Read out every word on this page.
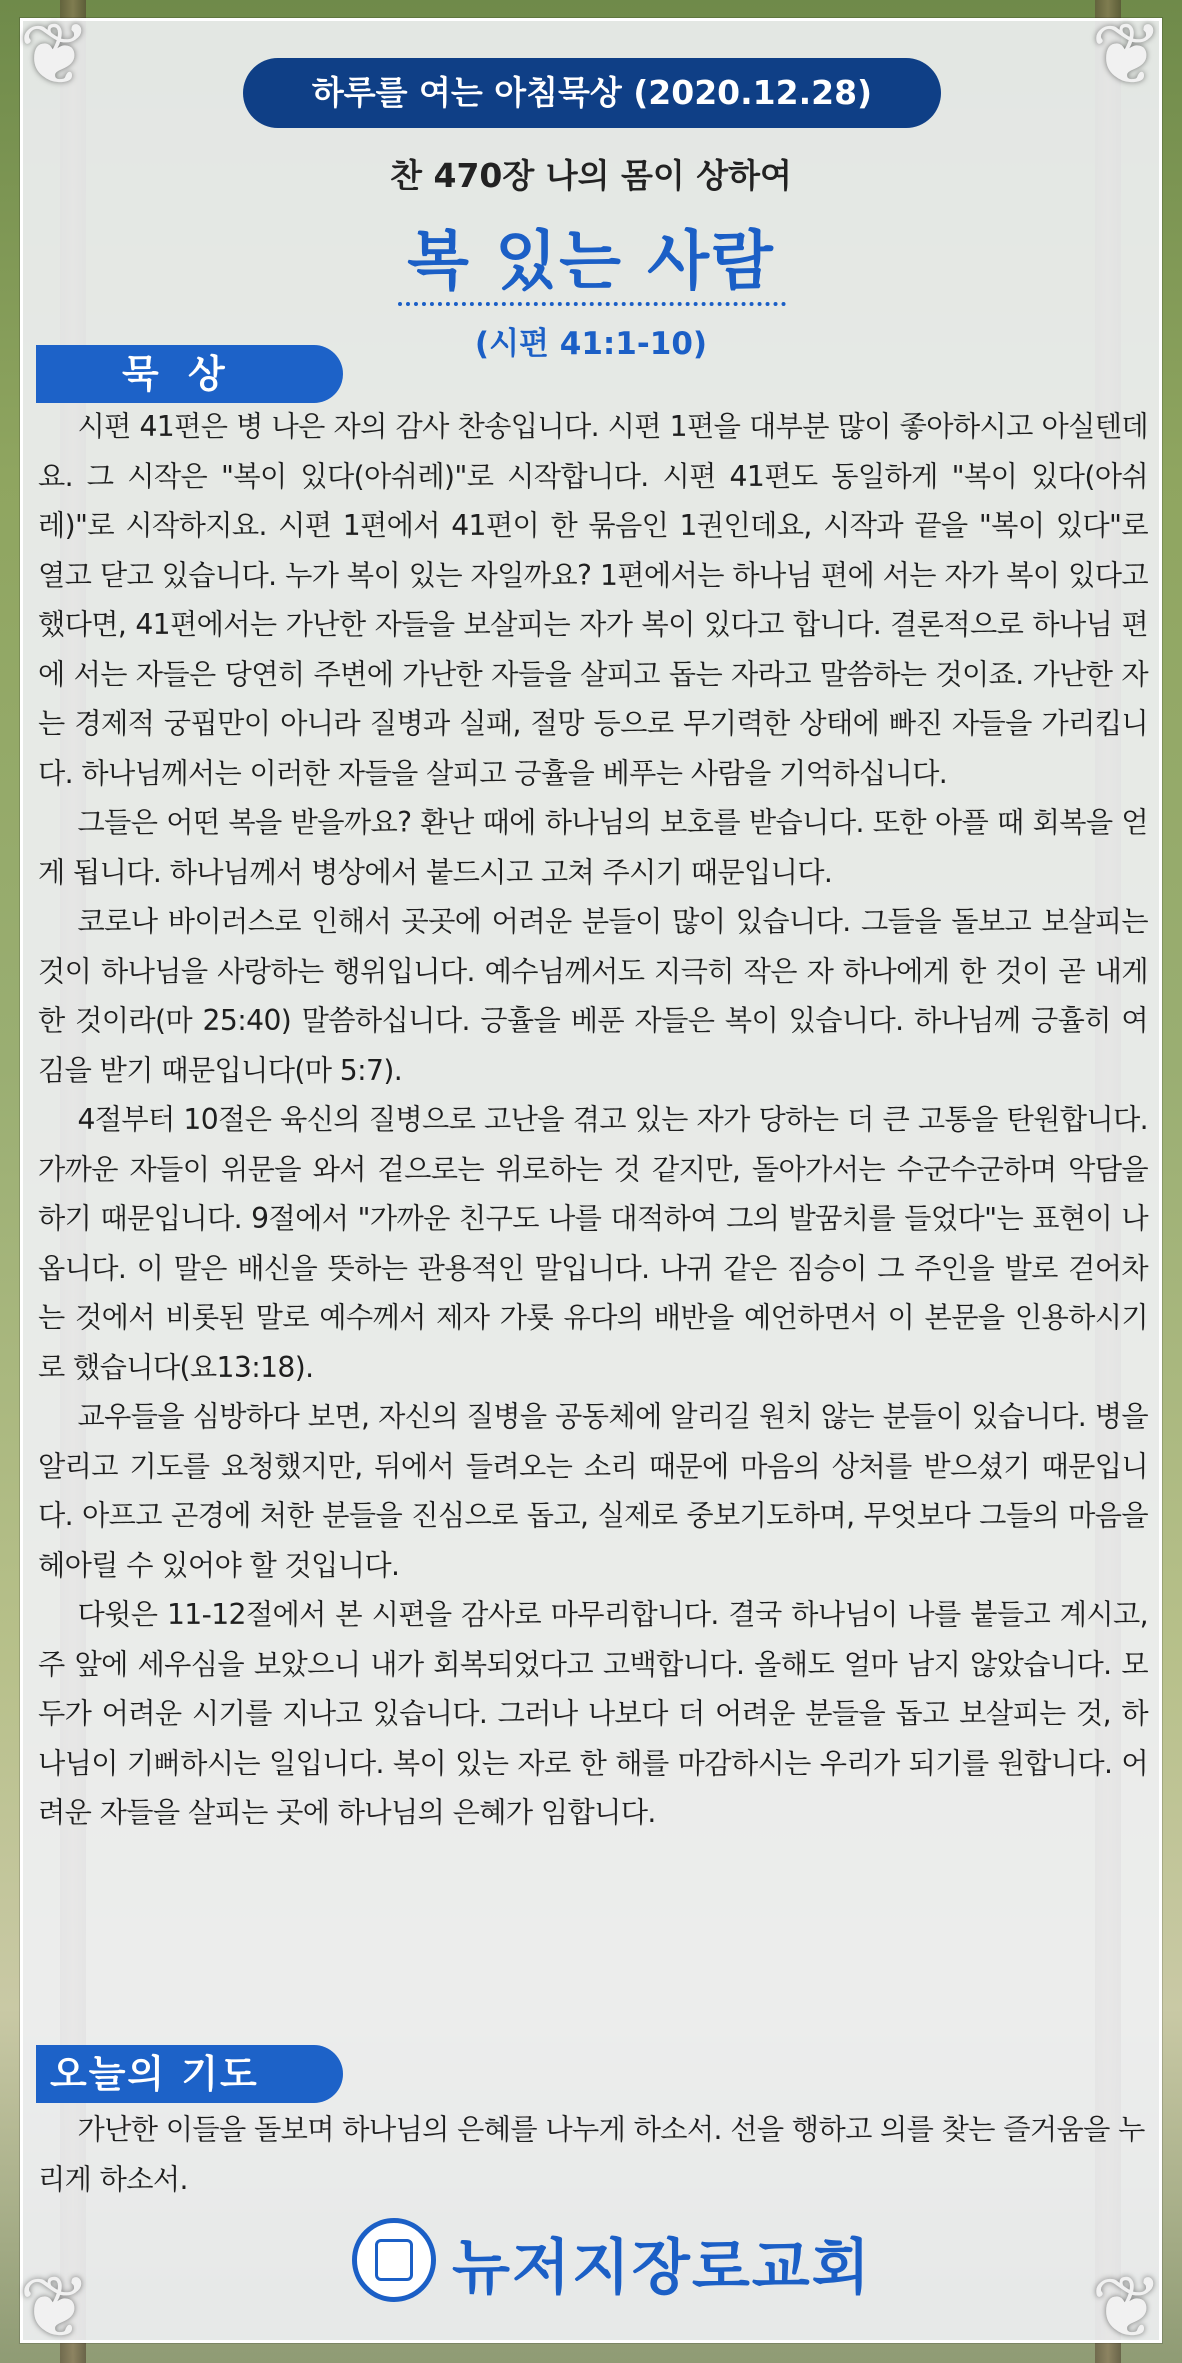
❦	❦
❦	❦
하루를 여는 아침묵상 (2020.12.28)
찬 470장 나의 몸이 상하여
복 있는 사람
(시편 41:1-10)
묵 상

시편 41편은 병 나은 자의 감사 찬송입니다. 시편 1편을 대부분 많이 좋아하시고 아실텐데요. 그 시작은 "복이 있다(아쉬레)"로 시작합니다. 시편 41편도 동일하게 "복이 있다(아쉬레)"로 시작하지요. 시편 1편에서 41편이 한 묶음인 1권인데요, 시작과 끝을 "복이 있다"로 열고 닫고 있습니다. 누가 복이 있는 자일까요? 1편에서는 하나님 편에 서는 자가 복이 있다고 했다면, 41편에서는 가난한 자들을 보살피는 자가 복이 있다고 합니다. 결론적으로 하나님 편에 서는 자들은 당연히 주변에 가난한 자들을 살피고 돕는 자라고 말씀하는 것이죠. 가난한 자는 경제적 궁핍만이 아니라 질병과 실패, 절망 등으로 무기력한 상태에 빠진 자들을 가리킵니다. 하나님께서는 이러한 자들을 살피고 긍휼을 베푸는 사람을 기억하십니다.

그들은 어떤 복을 받을까요? 환난 때에 하나님의 보호를 받습니다. 또한 아플 때 회복을 얻게 됩니다. 하나님께서 병상에서 붙드시고 고쳐 주시기 때문입니다.

코로나 바이러스로 인해서 곳곳에 어려운 분들이 많이 있습니다. 그들을 돌보고 보살피는 것이 하나님을 사랑하는 행위입니다. 예수님께서도 지극히 작은 자 하나에게 한 것이 곧 내게 한 것이라(마 25:40) 말씀하십니다. 긍휼을 베푼 자들은 복이 있습니다. 하나님께 긍휼히 여김을 받기 때문입니다(마 5:7).

4절부터 10절은 육신의 질병으로 고난을 겪고 있는 자가 당하는 더 큰 고통을 탄원합니다. 가까운 자들이 위문을 와서 겉으로는 위로하는 것 같지만, 돌아가서는 수군수군하며 악담을 하기 때문입니다. 9절에서 "가까운 친구도 나를 대적하여 그의 발꿈치를 들었다"는 표현이 나옵니다. 이 말은 배신을 뜻하는 관용적인 말입니다. 나귀 같은 짐승이 그 주인을 발로 걷어차는 것에서 비롯된 말로 예수께서 제자 가룟 유다의 배반을 예언하면서 이 본문을 인용하시기로 했습니다(요13:18).

교우들을 심방하다 보면, 자신의 질병을 공동체에 알리길 원치 않는 분들이 있습니다. 병을 알리고 기도를 요청했지만, 뒤에서 들려오는 소리 때문에 마음의 상처를 받으셨기 때문입니다. 아프고 곤경에 처한 분들을 진심으로 돕고, 실제로 중보기도하며, 무엇보다 그들의 마음을 헤아릴 수 있어야 할 것입니다.

다윗은 11-12절에서 본 시편을 감사로 마무리합니다. 결국 하나님이 나를 붙들고 계시고, 주 앞에 세우심을 보았으니 내가 회복되었다고 고백합니다. 올해도 얼마 남지 않았습니다. 모두가 어려운 시기를 지나고 있습니다. 그러나 나보다 더 어려운 분들을 돕고 보살피는 것, 하나님이 기뻐하시는 일입니다. 복이 있는 자로 한 해를 마감하시는 우리가 되기를 원합니다. 어려운 자들을 살피는 곳에 하나님의 은혜가 임합니다.

오늘의 기도
가난한 이들을 돌보며 하나님의 은혜를 나누게 하소서. 선을 행하고 의를 찾는 즐거움을 누리게 하소서.
뉴저지장로교회
